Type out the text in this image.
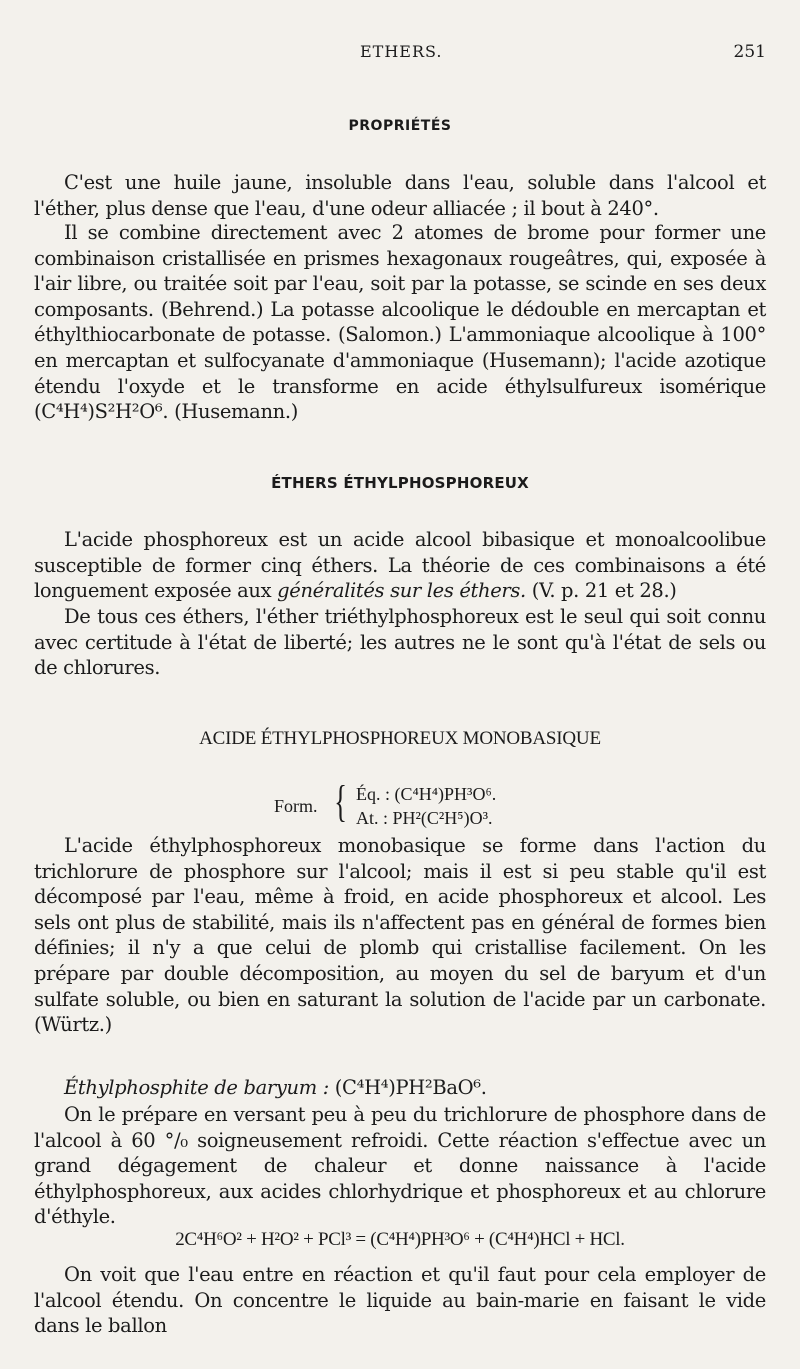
ETHERS.	251
PROPRIÉTÉS

C'est une huile jaune, insoluble dans l'eau, soluble dans l'alcool et l'éther, plus dense que l'eau, d'une odeur alliacée ; il bout à 240°.

Il se combine directement avec 2 atomes de brome pour former une combinaison cristallisée en prismes hexagonaux rougeâtres, qui, exposée à l'air libre, ou traitée soit par l'eau, soit par la potasse, se scinde en ses deux composants. (Behrend.) La potasse alcoolique le dédouble en mercaptan et éthylthiocarbonate de potasse. (Salomon.) L'ammoniaque alcoolique à 100° en mercaptan et sulfocyanate d'ammoniaque (Husemann); l'acide azotique étendu l'oxyde et le transforme en acide éthylsulfureux isomérique (C⁴H⁴)S²H²O⁶. (Husemann.)

ÉTHERS ÉTHYLPHOSPHOREUX

L'acide phosphoreux est un acide alcool bibasique et monoalcoolibue susceptible de former cinq éthers. La théorie de ces combinaisons a été longuement exposée aux généralités sur les éthers. (V. p. 21 et 28.)

De tous ces éthers, l'éther triéthylphosphoreux est le seul qui soit connu avec certitude à l'état de liberté; les autres ne le sont qu'à l'état de sels ou de chlorures.

ACIDE ÉTHYLPHOSPHOREUX MONOBASIQUE
Form. { Éq. : (C⁴H⁴)PH³O⁶.
At. : PH²(C²H⁵)O³.

L'acide éthylphosphoreux monobasique se forme dans l'action du trichlorure de phosphore sur l'alcool; mais il est si peu stable qu'il est décomposé par l'eau, même à froid, en acide phosphoreux et alcool. Les sels ont plus de stabilité, mais ils n'affectent pas en général de formes bien définies; il n'y a que celui de plomb qui cristallise facilement. On les prépare par double décomposition, au moyen du sel de baryum et d'un sulfate soluble, ou bien en saturant la solution de l'acide par un carbonate. (Würtz.)

Éthylphosphite de baryum : (C⁴H⁴)PH²BaO⁶.

On le prépare en versant peu à peu du trichlorure de phosphore dans de l'alcool à 60 °/₀ soigneusement refroidi. Cette réaction s'effectue avec un grand dégagement de chaleur et donne naissance à l'acide éthylphosphoreux, aux acides chlorhydrique et phosphoreux et au chlorure d'éthyle.

2C⁴H⁶O² + H²O² + PCl³ = (C⁴H⁴)PH³O⁶ + (C⁴H⁴)HCl + HCl.

On voit que l'eau entre en réaction et qu'il faut pour cela employer de l'alcool étendu. On concentre le liquide au bain-marie en faisant le vide dans le ballon
